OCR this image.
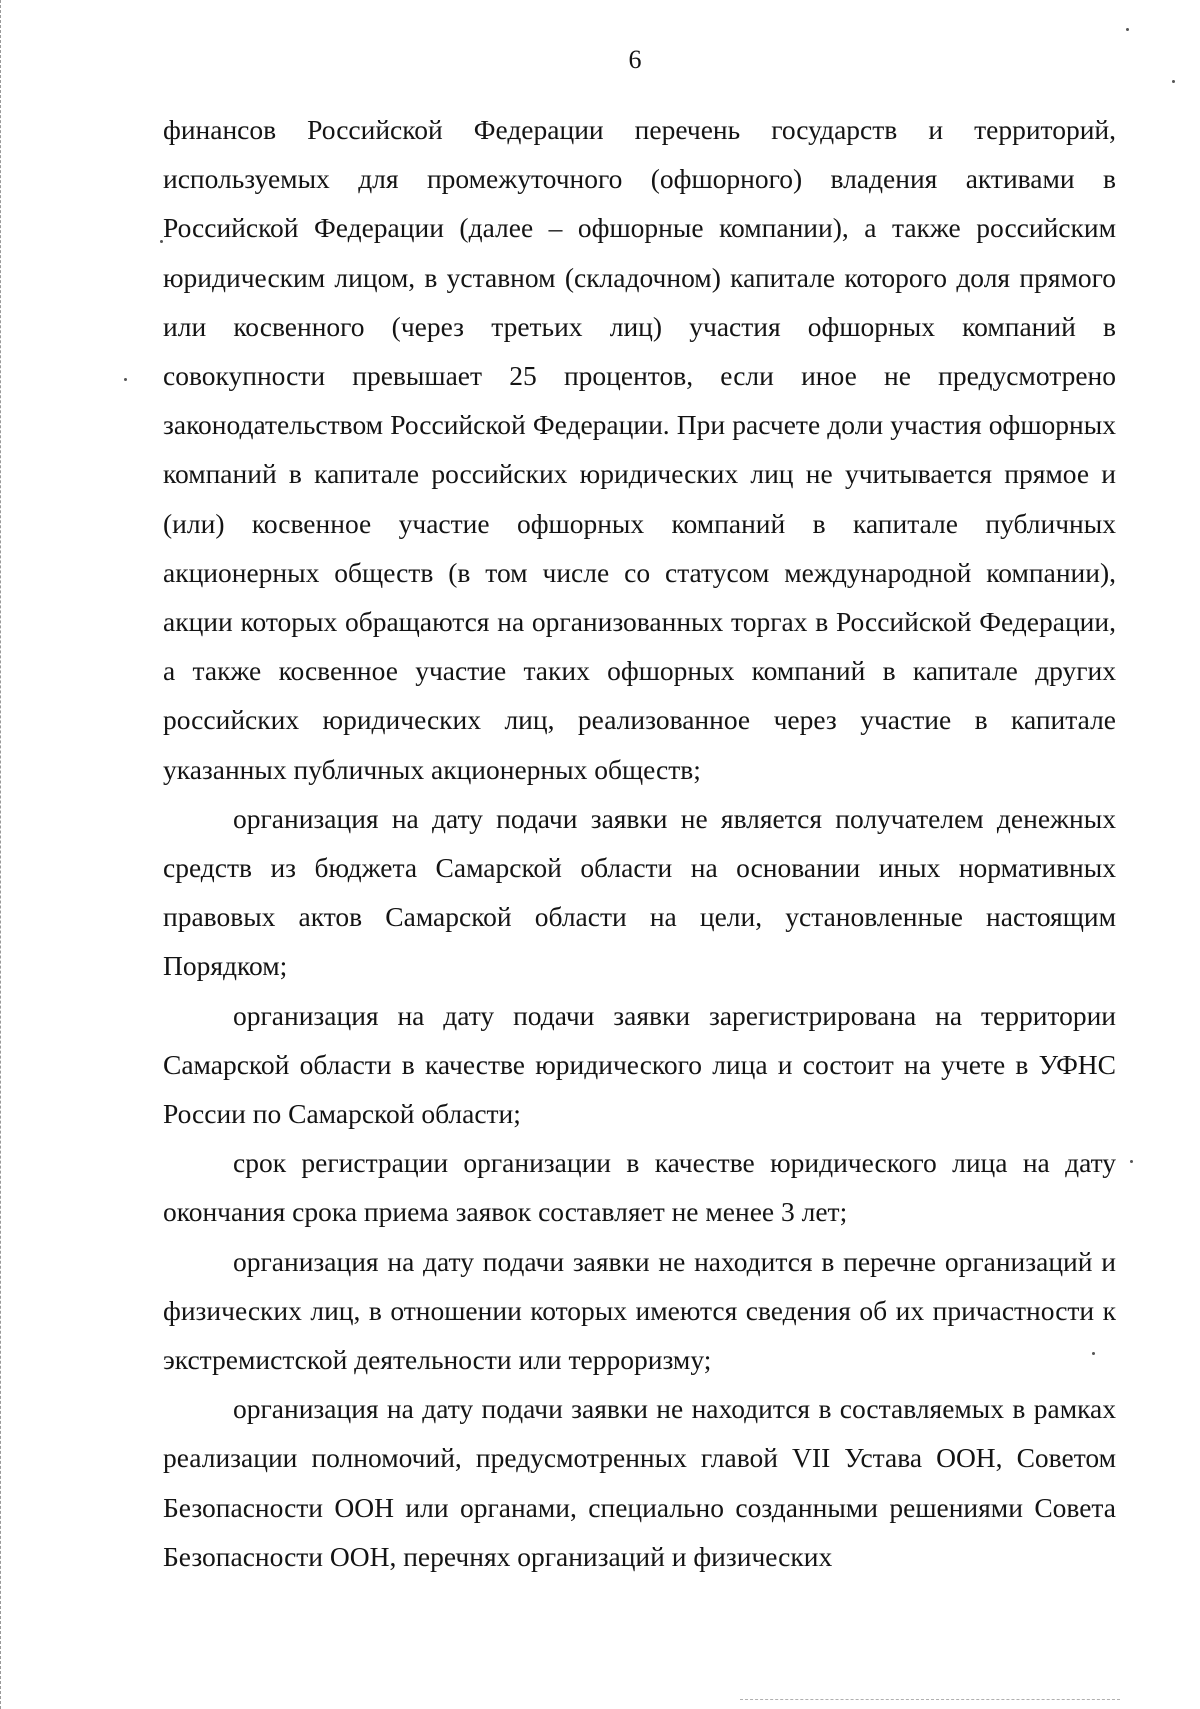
6

финансов Российской Федерации перечень государств и территорий, используемых для промежуточного (офшорного) владения активами в Российской Федерации (далее – офшорные компании), а также российским юридическим лицом, в уставном (складочном) капитале которого доля прямого или косвенного (через третьих лиц) участия офшорных компаний в совокупности превышает 25 процентов, если иное не предусмотрено законодательством Российской Федерации. При расчете доли участия офшорных компаний в капитале российских юридических лиц не учитывается прямое и (или) косвенное участие офшорных компаний в капитале публичных акционерных обществ (в том числе со статусом международной компании), акции которых обращаются на организованных торгах в Российской Федерации, а также косвенное участие таких офшорных компаний в капитале других российских юридических лиц, реализованное через участие в капитале указанных публичных акционерных обществ;

организация на дату подачи заявки не является получателем денежных средств из бюджета Самарской области на основании иных нормативных правовых актов Самарской области на цели, установленные настоящим Порядком;

организация на дату подачи заявки зарегистрирована на территории Самарской области в качестве юридического лица и состоит на учете в УФНС России по Самарской области;

срок регистрации организации в качестве юридического лица на дату окончания срока приема заявок составляет не менее 3 лет;

организация на дату подачи заявки не находится в перечне организаций и физических лиц, в отношении которых имеются сведения об их причастности к экстремистской деятельности или терроризму;

организация на дату подачи заявки не находится в составляемых в рамках реализации полномочий, предусмотренных главой VII Устава ООН, Советом Безопасности ООН или органами, специально созданными решениями Совета Безопасности ООН, перечнях организаций и физических
